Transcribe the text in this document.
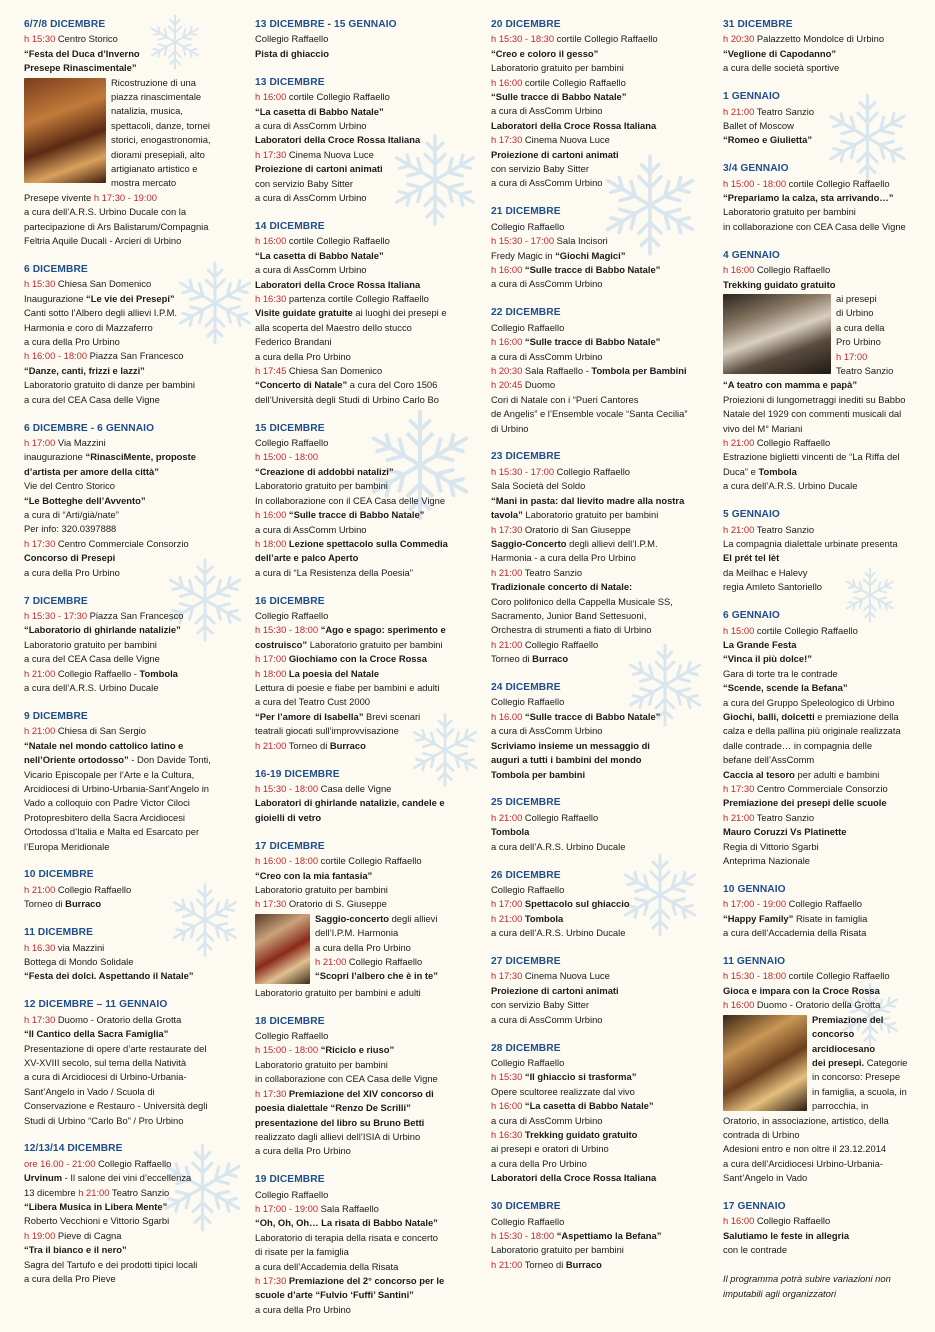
6/7/8 DICEMBRE
h 15:30 Centro Storico
“Festa del Duca d’Inverno
Presepe Rinascimentale”
Ricostruzione di una
piazza rinascimentale
natalizia, musica,
spettacoli, danze, tornei
storici, enogastronomia,
diorami presepiali, alto
artigianato artistico e
mostra mercato
Presepe vivente h 17:30 - 19:00
a cura dell’A.R.S. Urbino Ducale con la
partecipazione di Ars Balistarum/Compagnia
Feltria Aquile Ducali - Arcieri di Urbino
6 DICEMBRE
h 15:30 Chiesa San Domenico
Inaugurazione “Le vie dei Presepi”
Canti sotto l’Albero degli allievi I.P.M.
Harmonia e coro di Mazzaferro
a cura della Pro Urbino
h 16:00 - 18:00 Piazza San Francesco
“Danze, canti, frizzi e lazzi”
Laboratorio gratuito di danze per bambini
a cura del CEA Casa delle Vigne
6 DICEMBRE - 6 GENNAIO
h 17:00 Via Mazzini
inaugurazione “RinasciMente, proposte
d’artista per amore della città”
Vie del Centro Storico
“Le Botteghe dell’Avvento”
a cura di “Arti/già/nate”
Per info: 320.0397888
h 17:30 Centro Commerciale Consorzio
Concorso di Presepi
a cura della Pro Urbino
7 DICEMBRE
h 15:30 - 17:30 Piazza San Francesco
“Laboratorio di ghirlande natalizie”
Laboratorio gratuito per bambini
a cura del CEA Casa delle Vigne
h 21:00 Collegio Raffaello - Tombola
a cura dell’A.R.S. Urbino Ducale
9 DICEMBRE
h 21:00 Chiesa di San Sergio
“Natale nel mondo cattolico latino e
nell’Oriente ortodosso” - Don Davide Tonti,
Vicario Episcopale per l’Arte e la Cultura,
Arcidiocesi di Urbino-Urbania-Sant’Angelo in
Vado a colloquio con Padre Victor Ciloci
Protopresbitero della Sacra Arcidiocesi
Ortodossa d’Italia e Malta ed Esarcato per
l’Europa Meridionale
10 DICEMBRE
h 21:00 Collegio Raffaello
Torneo di Burraco
11 DICEMBRE
h 16.30 via Mazzini
Bottega di Mondo Solidale
“Festa dei dolci. Aspettando il Natale”
12 DICEMBRE – 11 GENNAIO
h 17:30 Duomo - Oratorio della Grotta
“Il Cantico della Sacra Famiglia”
Presentazione di opere d’arte restaurate del
XV-XVIII secolo, sul tema della Natività
a cura di Arcidiocesi di Urbino-Urbania-
Sant’Angelo in Vado / Scuola di
Conservazione e Restauro - Università degli
Studi di Urbino “Carlo Bo” / Pro Urbino
12/13/14 DICEMBRE
ore 16.00 - 21:00 Collegio Raffaello
Urvinum - Il salone dei vini d’eccellenza
13 dicembre h 21:00 Teatro Sanzio
“Libera Musica in Libera Mente”
Roberto Vecchioni e Vittorio Sgarbi
h 19:00 Pieve di Cagna
“Tra il bianco e il nero”
Sagra del Tartufo e dei prodotti tipici locali
a cura della Pro Pieve
13 DICEMBRE - 15 GENNAIO
Collegio Raffaello
Pista di ghiaccio
13 DICEMBRE
h 16:00 cortile Collegio Raffaello
“La casetta di Babbo Natale”
a cura di AssComm Urbino
Laboratori della Croce Rossa Italiana
h 17:30 Cinema Nuova Luce
Proiezione di cartoni animati
con servizio Baby Sitter
a cura di AssComm Urbino
14 DICEMBRE
h 16:00 cortile Collegio Raffaello
“La casetta di Babbo Natale”
a cura di AssComm Urbino
Laboratori della Croce Rossa Italiana
h 16:30 partenza cortile Collegio Raffaello
Visite guidate gratuite ai luoghi dei presepi e
alla scoperta del Maestro dello stucco
Federico Brandani
a cura della Pro Urbino
h 17:45 Chiesa San Domenico
“Concerto di Natale” a cura del Coro 1506
dell’Università degli Studi di Urbino Carlo Bo
15 DICEMBRE
Collegio Raffaello
h 15:00 - 18:00
“Creazione di addobbi natalizi”
Laboratorio gratuito per bambini
In collaborazione con il CEA Casa delle Vigne
h 16:00 “Sulle tracce di Babbo Natale”
a cura di AssComm Urbino
h 18:00 Lezione spettacolo sulla Commedia
dell’arte e palco Aperto
a cura di “La Resistenza della Poesia”
16 DICEMBRE
Collegio Raffaello
h 15:30 - 18:00 “Ago e spago: sperimento e
costruisco” Laboratorio gratuito per bambini
h 17:00 Giochiamo con la Croce Rossa
h 18:00 La poesia del Natale
Lettura di poesie e fiabe per bambini e adulti
a cura del Teatro Cust 2000
“Per l’amore di Isabella” Brevi scenari
teatrali giocati sull’improvvisazione
h 21:00 Torneo di Burraco
16-19 DICEMBRE
h 15:30 - 18:00 Casa delle Vigne
Laboratori di ghirlande natalizie, candele e
gioielli di vetro
17 DICEMBRE
h 16:00 - 18:00 cortile Collegio Raffaello
“Creo con la mia fantasia”
Laboratorio gratuito per bambini
h 17:30 Oratorio di S. Giuseppe
Saggio-concerto degli allievi
dell’I.P.M. Harmonia
a cura della Pro Urbino
h 21:00 Collegio Raffaello
“Scopri l’albero che è in te”
Laboratorio gratuito per bambini e adulti
18 DICEMBRE
Collegio Raffaello
h 15:00 - 18:00 “Riciclo e riuso”
Laboratorio gratuito per bambini
in collaborazione con CEA Casa delle Vigne
h 17:30 Premiazione del XIV concorso di
poesia dialettale “Renzo De Scrilli”
presentazione del libro su Bruno Betti
realizzato dagli allievi dell’ISIA di Urbino
a cura della Pro Urbino
19 DICEMBRE
Collegio Raffaello
h 17:00 - 19:00 Sala Raffaello
“Oh, Oh, Oh… La risata di Babbo Natale”
Laboratorio di terapia della risata e concerto
di risate per la famiglia
a cura dell’Accademia della Risata
h 17:30 Premiazione del 2° concorso per le
scuole d’arte “Fulvio ‘Fuffi’ Santini”
a cura della Pro Urbino
20 DICEMBRE
h 15:30 - 18:30 cortile Collegio Raffaello
“Creo e coloro il gesso”
Laboratorio gratuito per bambini
h 16:00 cortile Collegio Raffaello
“Sulle tracce di Babbo Natale”
a cura di AssComm Urbino
Laboratori della Croce Rossa Italiana
h 17:30 Cinema Nuova Luce
Proiezione di cartoni animati
con servizio Baby Sitter
a cura di AssComm Urbino
21 DICEMBRE
Collegio Raffaello
h 15:30 - 17:00 Sala Incisori
Fredy Magic in “Giochi Magici”
h 16:00 “Sulle tracce di Babbo Natale”
a cura di AssComm Urbino
22 DICEMBRE
Collegio Raffaello
h 16:00 “Sulle tracce di Babbo Natale”
a cura di AssComm Urbino
h 20:30 Sala Raffaello - Tombola per Bambini
h 20:45 Duomo
Cori di Natale con i “Pueri Cantores
de Angelis” e l’Ensemble vocale “Santa Cecilia”
di Urbino
23 DICEMBRE
h 15:30 - 17:00 Collegio Raffaello
Sala Società del Soldo
“Mani in pasta: dal lievito madre alla nostra
tavola” Laboratorio gratuito per bambini
h 17:30 Oratorio di San Giuseppe
Saggio-Concerto degli allievi dell’I.P.M.
Harmonia - a cura della Pro Urbino
h 21:00 Teatro Sanzio
Tradizionale concerto di Natale:
Coro polifonico della Cappella Musicale SS,
Sacramento, Junior Band Settesuoni,
Orchestra di strumenti a fiato di Urbino
h 21:00 Collegio Raffaello
Torneo di Burraco
24 DICEMBRE
Collegio Raffaello
h 16.00 “Sulle tracce di Babbo Natale”
a cura di AssComm Urbino
Scriviamo insieme un messaggio di
auguri a tutti i bambini del mondo
Tombola per bambini
25 DICEMBRE
h 21:00 Collegio Raffaello
Tombola
a cura dell’A.R.S. Urbino Ducale
26 DICEMBRE
Collegio Raffaello
h 17:00 Spettacolo sul ghiaccio
h 21:00 Tombola
a cura dell’A.R.S. Urbino Ducale
27 DICEMBRE
h 17:30 Cinema Nuova Luce
Proiezione di cartoni animati
con servizio Baby Sitter
a cura di AssComm Urbino
28 DICEMBRE
Collegio Raffaello
h 15:30 “Il ghiaccio si trasforma”
Opere scultoree realizzate dal vivo
h 16:00 “La casetta di Babbo Natale”
a cura di AssComm Urbino
h 16:30 Trekking guidato gratuito
ai presepi e oratori di Urbino
a cura della Pro Urbino
Laboratori della Croce Rossa Italiana
30 DICEMBRE
Collegio Raffaello
h 15:30 - 18:00 “Aspettiamo la Befana”
Laboratorio gratuito per bambini
h 21:00 Torneo di Burraco
31 DICEMBRE
h 20:30 Palazzetto Mondolce di Urbino
“Veglione di Capodanno”
a cura delle società sportive
1 GENNAIO
h 21:00 Teatro Sanzio
Ballet of Moscow
“Romeo e Giulietta”
3/4 GENNAIO
h 15:00 - 18:00 cortile Collegio Raffaello
“Prepariamo la calza, sta arrivando…”
Laboratorio gratuito per bambini
in collaborazione con CEA Casa delle Vigne
4 GENNAIO
h 16:00 Collegio Raffaello
Trekking guidato gratuito
ai presepi
di Urbino
a cura della
Pro Urbino
h 17:00
Teatro Sanzio
“A teatro con mamma e papà”
Proiezioni di lungometraggi inediti su Babbo
Natale del 1929 con commenti musicali dal
vivo del M° Mariani
h 21:00 Collegio Raffaello
Estrazione biglietti vincenti de “La Riffa del
Duca” e Tombola
a cura dell’A.R.S. Urbino Ducale
5 GENNAIO
h 21:00 Teatro Sanzio
La compagnia dialettale urbinate presenta
El prét tel lèt
da Meilhac e Halevy
regia Amleto Santoriello
6 GENNAIO
h 15:00 cortile Collegio Raffaello
La Grande Festa
“Vinca il più dolce!”
Gara di torte tra le contrade
“Scende, scende la Befana”
a cura del Gruppo Speleologico di Urbino
Giochi, balli, dolcetti e premiazione della
calza e della pallina più originale realizzata
dalle contrade… in compagnia delle
befane dell’AssComm
Caccia al tesoro per adulti e bambini
h 17:30 Centro Commerciale Consorzio
Premiazione dei presepi delle scuole
h 21:00 Teatro Sanzio
Mauro Coruzzi Vs Platinette
Regia di Vittorio Sgarbi
Anteprima Nazionale
10 GENNAIO
h 17:00 - 19:00 Collegio Raffaello
“Happy Family” Risate in famiglia
a cura dell’Accademia della Risata
11 GENNAIO
h 15:30 - 18:00 cortile Collegio Raffaello
Gioca e impara con la Croce Rossa
h 16:00 Duomo - Oratorio della Grotta
Premiazione del
concorso
arcidiocesano
dei presepi. Categorie
in concorso: Presepe
in famiglia, a scuola, in
parrocchia, in
Oratorio, in associazione, artistico, della
contrada di Urbino
Adesioni entro e non oltre il 23.12.2014
a cura dell’Arcidiocesi Urbino-Urbania-
Sant’Angelo in Vado
17 GENNAIO
h 16:00 Collegio Raffaello
Salutiamo le feste in allegria
con le contrade
Il programma potrà subire variazioni non
imputabili agli organizzatori
